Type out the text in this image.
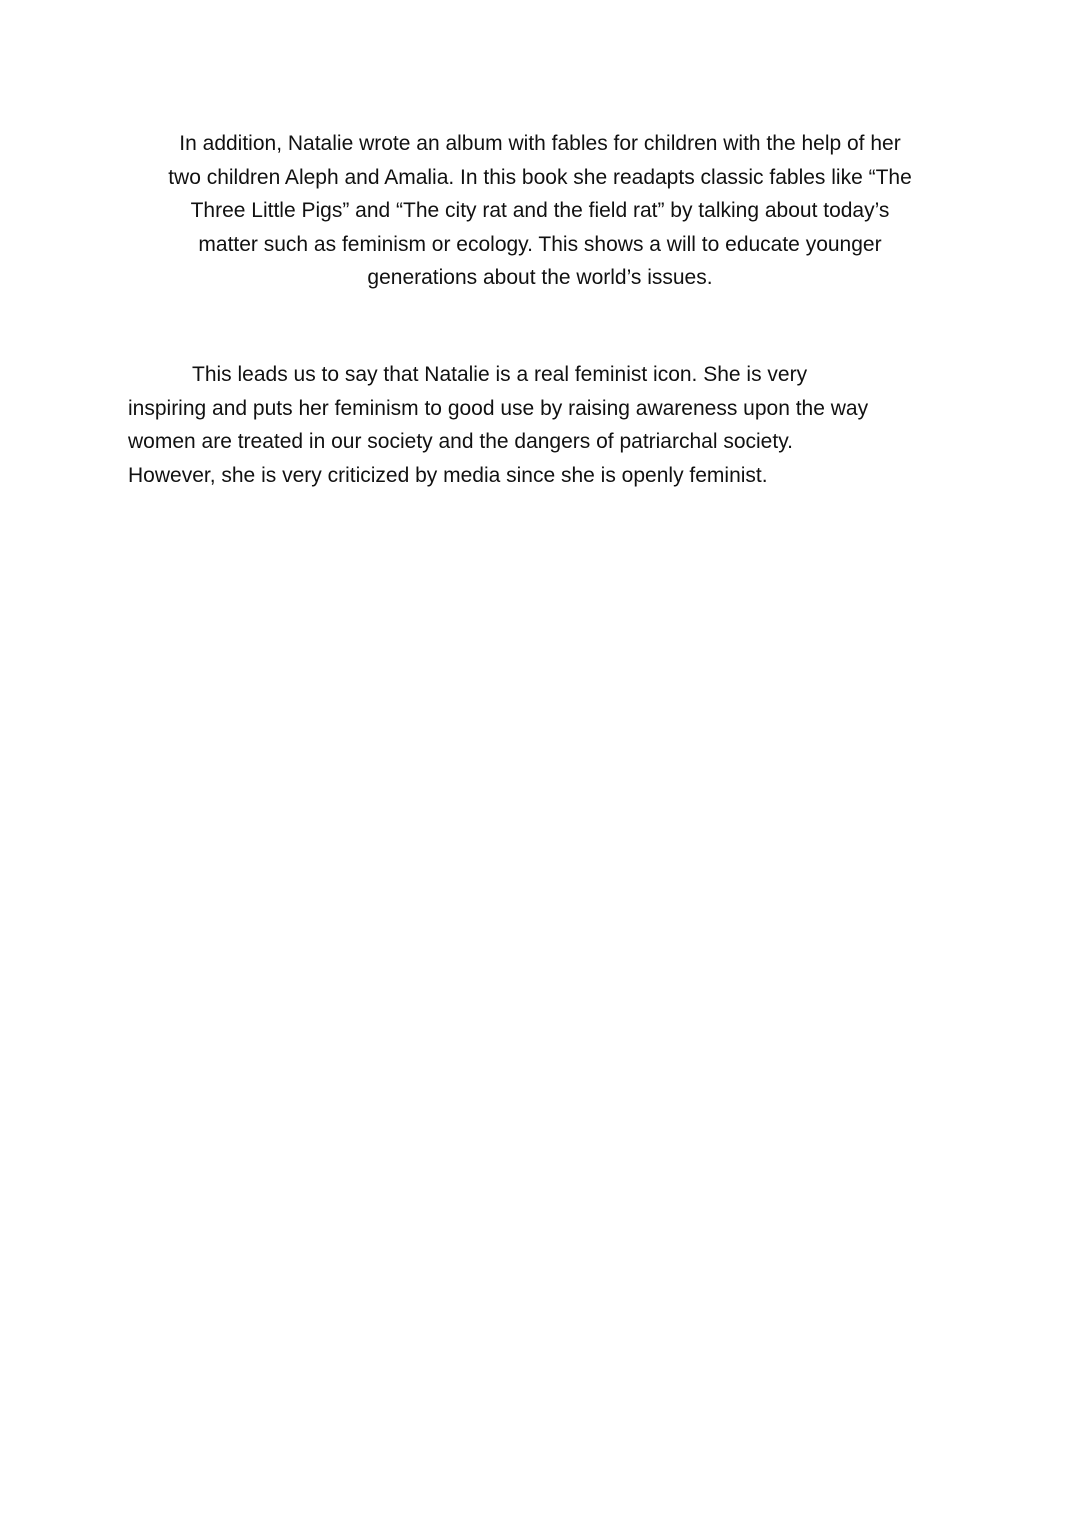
In addition, Natalie wrote an album with fables for children with the help of her
two children Aleph and Amalia. In this book she readapts classic fables like “The
Three Little Pigs” and “The city rat and the field rat” by talking about today’s
matter such as feminism or ecology. This shows a will to educate younger
generations about the world’s issues.

This leads us to say that Natalie is a real feminist icon. She is very
inspiring and puts her feminism to good use by raising awareness upon the way
women are treated in our society and the dangers of patriarchal society.
However, she is very criticized by media since she is openly feminist.
